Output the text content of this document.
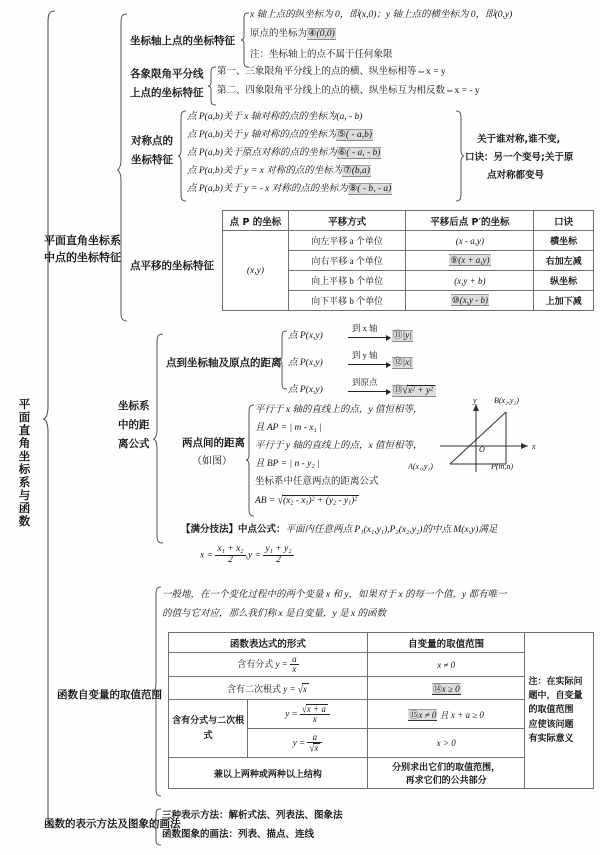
平面直角坐标系与函数
平面直角坐标系
中点的坐标特征
坐标轴上点的坐标特征
x 轴上点的纵坐标为 0，即(x,0)；y 轴上点的横坐标为 0，即(0,y)
原点的坐标为④(0,0)
注：坐标轴上的点不属于任何象限
各象限角平分线
上点的坐标特征
第一、三象限角平分线上的点的横、纵坐标相等⇔x = y
第二、四象限角平分线上的点的横、纵坐标互为相反数⇔x = - y
对称点的
坐标特征
点 P(a,b)关于 x 轴对称的点的坐标为(a, - b)
点 P(a,b)关于 y 轴对称的点的坐标为⑤( - a,b)
点 P(a,b)关于原点对称的点的坐标为⑥( - a, - b)
点 P(a,b)关于 y = x 对称的点的坐标为⑦(b,a)
点 P(a,b)关于 y = - x 对称的点的坐标为⑧( - b, - a)
关于谁对称,谁不变,
口诀：另一个变号;关于原
点对称都变号
点平移的坐标特征
点 P 的坐标	平移方式	平移后点 P′的坐标	口诀
(x,y)	向左平移 a 个单位	(x - a,y)	横坐标
	向右平移 a 个单位	⑨(x + a,y)	右加左减
	向上平移 b 个单位	(x,y + b)	纵坐标
	向下平移 b 个单位	⑩(x,y - b)	上加下减
坐标系
中的距
离公式
点到坐标轴及原点的距离
点 P(x,y)
到 x 轴
⑪|y|
点 P(x,y)
到 y 轴
⑫|x|
点 P(x,y)
到原点
$⑬√x^2 + y^2$
两点间的距离
（如图）
平行于 x 轴的直线上的点，y 值恒相等，
且 AP = | m - x₁ |
平行于 y 轴的直线上的点，x 值恒相等，
且 BP = | n - y₂ |
坐标系中任意两点的距离公式
AB = $√(x_2 - x_1)^2 + (y_2 - y_1)^2$
y
x
O
A(x₁,y₁)
B(x₂,y₂)
P(m,n)
【满分技法】中点公式：平面内任意两点 P₁(x₁,y₁),P₂(x₂,y₂)的中点 M(x,y)满足
$x = \frac{\text{x₁ + x₂}}{2} ,y = \frac{\text{y₁ + y₂}}{2}$
函数自变量的取值范围
一般地，在一个变化过程中的两个变量 x 和 y，如果对于 x 的每一个值，y 都有唯一
的值与它对应，那么我们称 x 是自变量，y 是 x 的函数
函数表达式的形式		自变量的取值范围	注：在实际问
题中，自变量
的取值范围
应使该问题
有实际意义

含有分式 $y = \frac{a}{x}$		x ≠ 0	
含有二次根式 y = √x		⑭x ≥ 0	

含有分式与二次根式	$y = \frac{√x + a}{x}$	⑮x ≠ 0 且 x + a ≥ 0	
	$y = \frac{a}{√x}$	x > 0	
兼以上两种或两种以上结构		分别求出它们的取值范围，
再求它们的公共部分	
函数的表示方法及图象的画法
三种表示方法：解析式法、列表法、图象法
函数图象的画法：列表、描点、连线
